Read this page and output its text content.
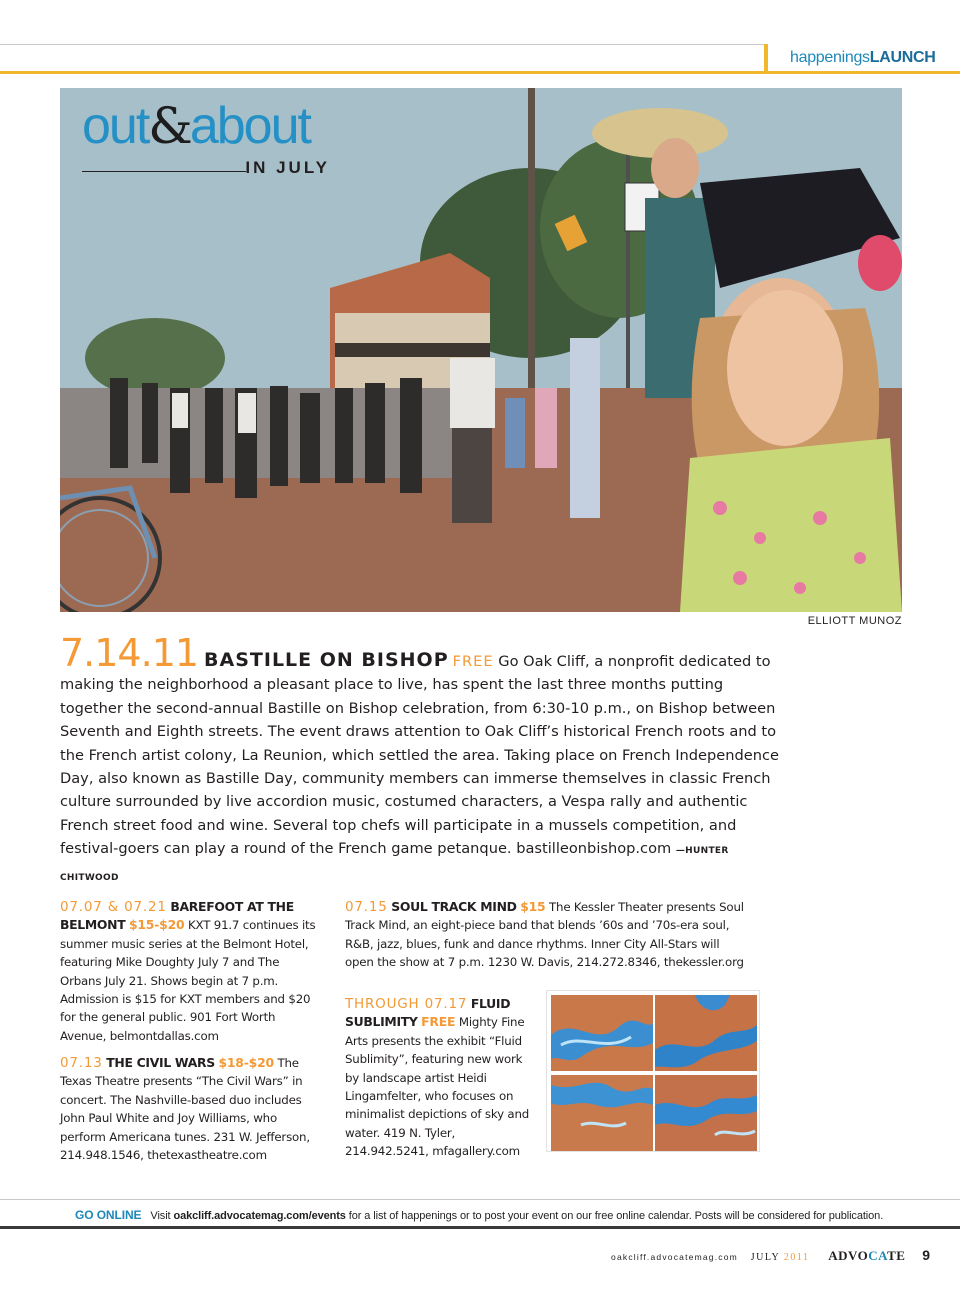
happeningsLAUNCH
out&about
IN JULY
ELLIOTT MUNOZ
7.14.11 BASTILLE ON BISHOP FREE Go Oak Cliff, a nonprofit dedicated to making the neighborhood a pleasant place to live, has spent the last three months putting together the second-annual Bastille on Bishop celebration, from 6:30-10 p.m., on Bishop between Seventh and Eighth streets. The event draws attention to Oak Cliff’s historical French roots and to the French artist colony, La Reunion, which settled the area. Taking place on French Independence Day, also known as Bastille Day, community members can immerse themselves in classic French culture surrounded by live accordion music, costumed characters, a Vespa rally and authentic French street food and wine. Several top chefs will participate in a mussels competition, and festival-goers can play a round of the French game petanque. bastilleonbishop.com —HUNTER CHITWOOD
07.07 & 07.21 BAREFOOT AT THE BELMONT $15-$20 KXT 91.7 continues its summer music series at the Belmont Hotel, featuring Mike Doughty July 7 and The Orbans July 21. Shows begin at 7 p.m. Admission is $15 for KXT members and $20 for the general public. 901 Fort Worth Avenue, belmontdallas.com
07.13 THE CIVIL WARS $18-$20 The Texas Theatre presents “The Civil Wars” in concert. The Nashville-based duo includes John Paul White and Joy Williams, who perform Americana tunes. 231 W. Jefferson, 214.948.1546, thetexastheatre.com
07.15 SOUL TRACK MIND $15 The Kessler Theater presents Soul Track Mind, an eight-piece band that blends ’60s and ’70s-era soul, R&B, jazz, blues, funk and dance rhythms. Inner City All-Stars will open the show at 7 p.m. 1230 W. Davis, 214.272.8346, thekessler.org
THROUGH 07.17 FLUID SUBLIMITY FREE Mighty Fine Arts presents the exhibit “Fluid Sublimity”, featuring new work by landscape artist Heidi Lingamfelter, who focuses on minimalist depictions of sky and water. 419 N. Tyler, 214.942.5241, mfagallery.com
GO ONLINE Visit oakcliff.advocatemag.com/events for a list of happenings or to post your event on our free online calendar. Posts will be considered for publication.
oakcliff.advocatemag.com JULY 2011 ADVOCATE 9
